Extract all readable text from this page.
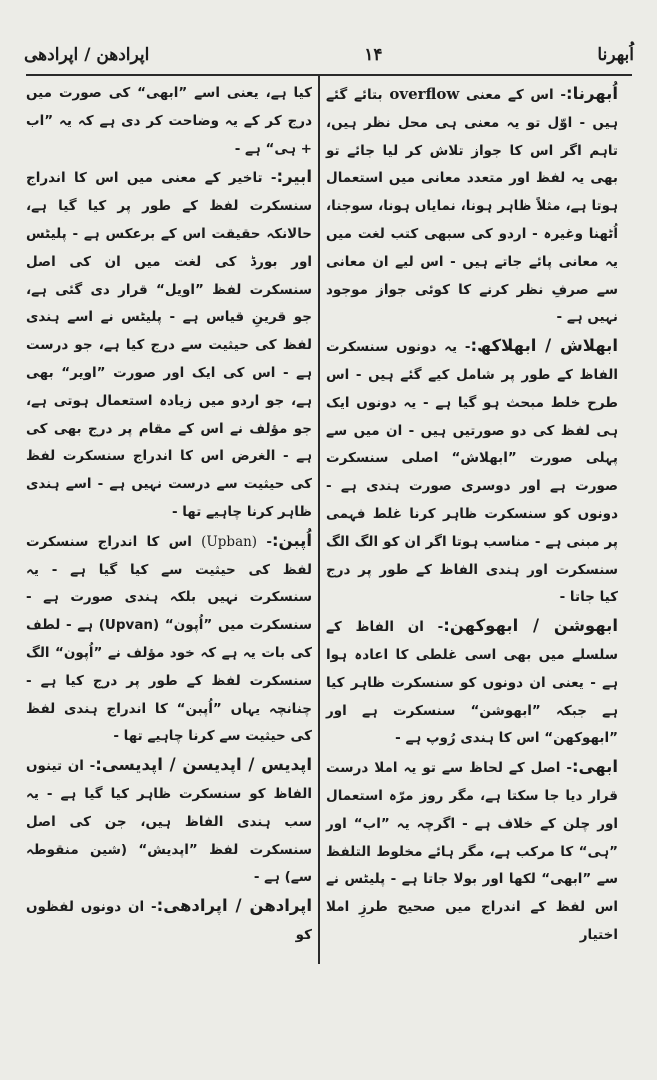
اُبھرنا
۱۴
اپرادھن / اپرادھی

اُبھرنا:- اس کے معنی overflow بتائے گئے ہیں - اوّل تو یہ معنی ہی محل نظر ہیں، تاہم اگر اس کا جواز تلاش کر لیا جائے تو بھی یہ لفظ اور متعدد معانی میں استعمال ہوتا ہے، مثلاً ظاہر ہونا، نمایاں ہونا، سوجنا، اُٹھنا وغیرہ - اردو کی سبھی کتب لغت میں یہ معانی پائے جاتے ہیں - اس لیے ان معانی سے صرفِ نظر کرنے کا کوئی جواز موجود نہیں ہے -

ابھلاش / ابھلاکھ:- یہ دونوں سنسکرت الفاظ کے طور پر شامل کیے گئے ہیں - اس طرح خلط مبحث ہو گیا ہے - یہ دونوں ایک ہی لفظ کی دو صورتیں ہیں - ان میں سے پہلی صورت ”ابھلاش“ اصلی سنسکرت صورت ہے اور دوسری صورت ہندی ہے - دونوں کو سنسکرت ظاہر کرنا غلط فہمی پر مبنی ہے - مناسب ہوتا اگر ان کو الگ الگ سنسکرت اور ہندی الفاظ کے طور پر درج کیا جاتا -

ابھوشن / ابھوکھن:- ان الفاظ کے سلسلے میں بھی اسی غلطی کا اعادہ ہوا ہے - یعنی ان دونوں کو سنسکرت ظاہر کیا ہے جبکہ ”ابھوشن“ سنسکرت ہے اور ”ابھوکھن“ اس کا ہندی رُوپ ہے -

ابھی:- اصل کے لحاظ سے تو یہ املا درست قرار دیا جا سکتا ہے، مگر روز مرّہ استعمال اور چلن کے خلاف ہے - اگرچہ یہ ”اب“ اور ”ہی“ کا مرکب ہے، مگر ہائے مخلوط التلفظ سے ”ابھی“ لکھا اور بولا جاتا ہے - پلیٹس نے اس لفظ کے اندراج میں صحیح طرزِ املا اختیار

کیا ہے، یعنی اسے ”ابھی“ کی صورت میں درج کر کے یہ وضاحت کر دی ہے کہ یہ ”اب + ہی“ ہے -

ابیر:- تاخیر کے معنی میں اس کا اندراج سنسکرت لفظ کے طور پر کیا گیا ہے، حالانکہ حقیقت اس کے برعکس ہے - پلیٹس اور بورڈ کی لغت میں ان کی اصل سنسکرت لفظ ”اویل“ قرار دی گئی ہے، جو قرینِ قیاس ہے - پلیٹس نے اسے ہندی لفظ کی حیثیت سے درج کیا ہے، جو درست ہے - اس کی ایک اور صورت ”اویر“ بھی ہے، جو اردو میں زیادہ استعمال ہوتی ہے، جو مؤلف نے اس کے مقام پر درج بھی کی ہے - الغرض اس کا اندراج سنسکرت لفظ کی حیثیت سے درست نہیں ہے - اسے ہندی ظاہر کرنا چاہیے تھا -

اُپبن:- (Upban) اس کا اندراج سنسکرت لفظ کی حیثیت سے کیا گیا ہے - یہ سنسکرت نہیں بلکہ ہندی صورت ہے - سنسکرت میں ”اُپون“ (Upvan) ہے - لطف کی بات یہ ہے کہ خود مؤلف نے ”اُپون“ الگ سنسکرت لفظ کے طور پر درج کیا ہے - چنانچہ یہاں ”اُپبن“ کا اندراج ہندی لفظ کی حیثیت سے کرنا چاہیے تھا -

اپدیس / اپدیسن / اپدیسی:- ان تینوں الفاظ کو سنسکرت ظاہر کیا گیا ہے - یہ سب ہندی الفاظ ہیں، جن کی اصل سنسکرت لفظ ”اپدیش“ (شین منقوطہ سے) ہے -

اپرادھن / اپرادھی:- ان دونوں لفظوں کو
